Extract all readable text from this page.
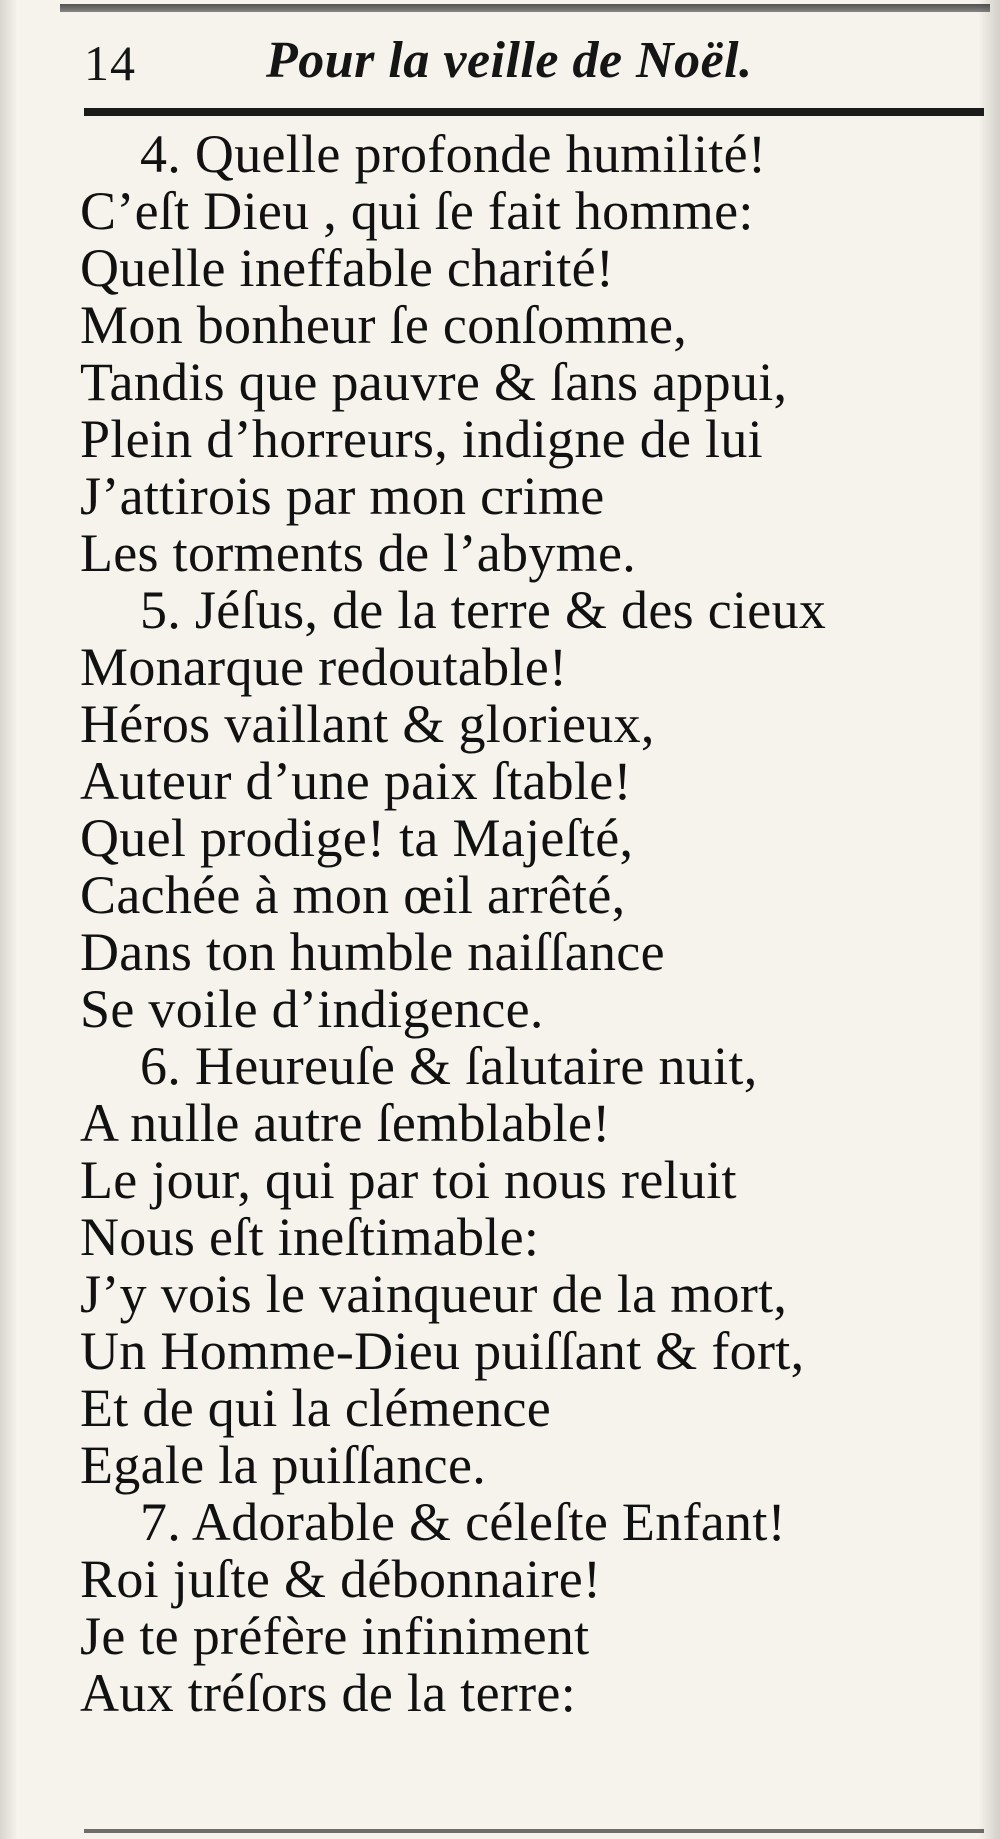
14	Pour la veille de Noël.
4. Quelle profonde humilité!
C’eſt Dieu , qui ſe fait homme:
Quelle ineffable charité!
Mon bonheur ſe conſomme,
Tandis que pauvre & ſans appui,
Plein d’horreurs, indigne de lui
J’attirois par mon crime
Les torments de l’abyme.
5. Jéſus, de la terre & des cieux
Monarque redoutable!
Héros vaillant & glorieux,
Auteur d’une paix ſtable!
Quel prodige! ta Majeſté,
Cachée à mon œil arrêté,
Dans ton humble naiſſance
Se voile d’indigence.
6. Heureuſe & ſalutaire nuit,
A nulle autre ſemblable!
Le jour, qui par toi nous reluit
Nous eſt ineſtimable:
J’y vois le vainqueur de la mort,
Un Homme-Dieu puiſſant & fort,
Et de qui la clémence
Egale la puiſſance.
7. Adorable & céleſte Enfant!
Roi juſte & débonnaire!
Je te préfère infiniment
Aux tréſors de la terre:
